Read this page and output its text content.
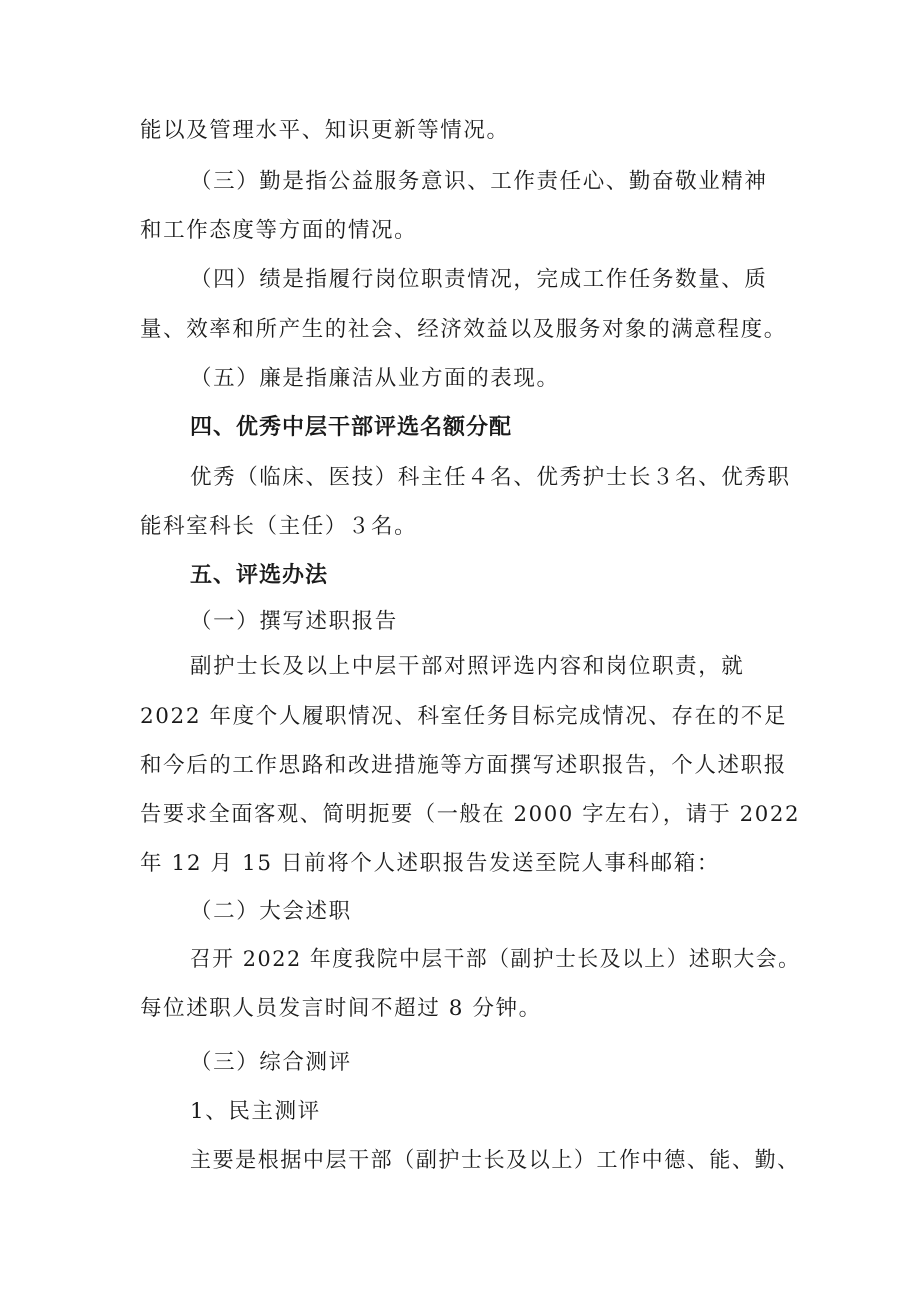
能以及管理水平、知识更新等情况。
（三）勤是指公益服务意识、工作责任心、勤奋敬业精神
和工作态度等方面的情况。
（四）绩是指履行岗位职责情况，完成工作任务数量、质
量、效率和所产生的社会、经济效益以及服务对象的满意程度。
（五）廉是指廉洁从业方面的表现。
四、优秀中层干部评选名额分配
优秀（临床、医技）科主任４名、优秀护士长３名、优秀职
能科室科长（主任）３名。
五、评选办法
（一）撰写述职报告
副护士长及以上中层干部对照评选内容和岗位职责，就
2022 年度个人履职情况、科室任务目标完成情况、存在的不足
和今后的工作思路和改进措施等方面撰写述职报告，个人述职报
告要求全面客观、简明扼要（一般在 2000 字左右），请于 2022
年 12 月 15 日前将个人述职报告发送至院人事科邮箱：
（二）大会述职
召开 2022 年度我院中层干部（副护士长及以上）述职大会。
每位述职人员发言时间不超过 8 分钟。
（三）综合测评
1、民主测评
主要是根据中层干部（副护士长及以上）工作中德、能、勤、
